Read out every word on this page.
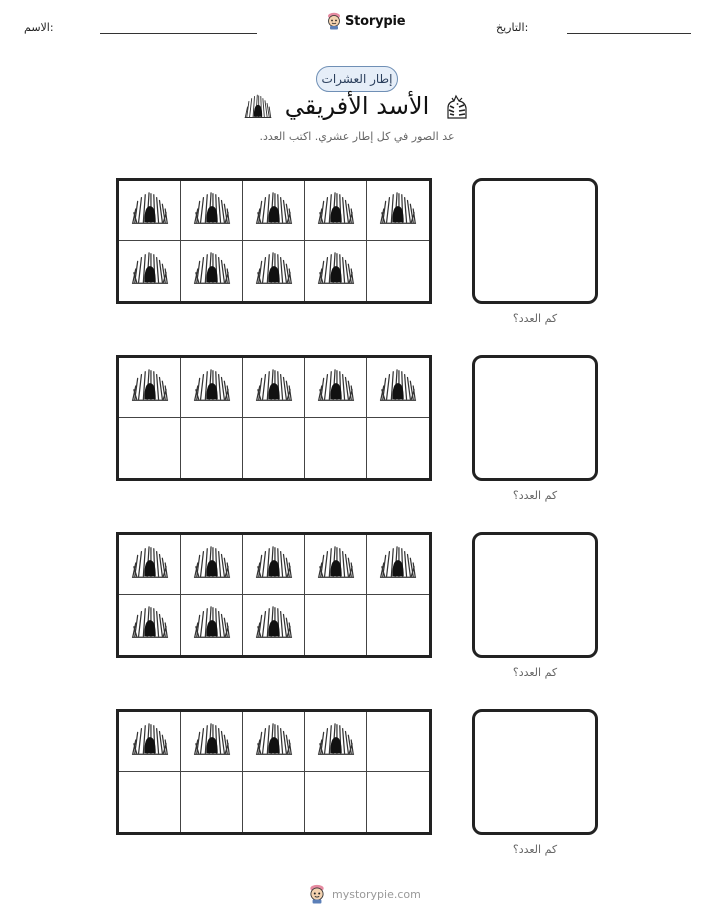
الاسم:	Storypie	التاريخ:
إطار العشرات
الأسد الأفريقي
عد الصور في كل إطار عشري. اكتب العدد.
كم العدد؟
كم العدد؟
كم العدد؟
كم العدد؟
mystorypie.com
